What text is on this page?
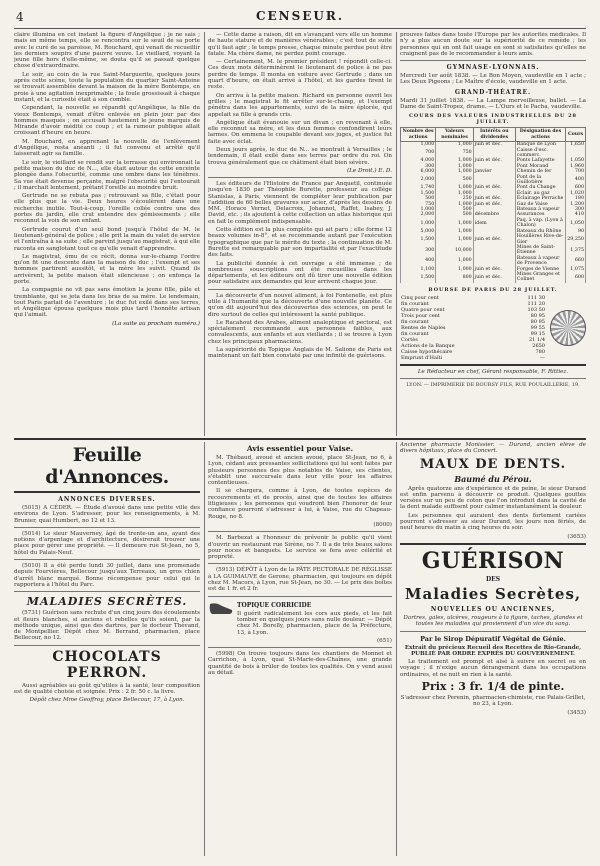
4	CENSEUR.

claire illumina en cet instant la figure d'Angélique ; je ne sais ; mais en même temps, elle se rencontra sur le seuil de sa porte avec le curé de sa paroisse, M. Rouchard, qui venait de recueillir les derniers soupirs d'une pauvre veuve. Le vieillard, voyant la jeune fille hors d'elle-même, se douta qu'il se passait quelque chose d'extraordinaire.

Le soir, au coin de la rue Saint-Marguerite, quelques jours après cette scène, toute la population du quartier Saint-Antoine se trouvait assemblée devant la maison de la mère Bontemps, en proie à une agitation inexprimable ; la foule grossissait à chaque instant, et la curiosité était à son comble.

Cependant, la nouvelle se répandit qu'Angélique, la fille du vieux Bontemps, venait d'être enlevée en plein jour par des hommes masqués ; on accusait hautement le jeune marquis de Mirande d'avoir médité ce coup ; et la rumeur publique allait croissant d'heure en heure.

M. Rouchard, en apprenant la nouvelle de l'enlèvement d'Angélique, resta anéanti ; il fut convenu et arrêté qu'il laisserait agir sa famille.

Le soir, le vieillard se rendit sur la terrasse qui environnait la petite maison du duc de N..., elle était autour de cette enceinte plongée dans l'obscurité, comme une ombre dans les ténèbres. Sa vue était devenue perçante, malgré l'obscurité qui l'entourait ; il marchait lentement, prêtant l'oreille au moindre bruit.

Gertrude ne se rebuta pas ; retrouvant sa fille, c'était pour elle plus que la vie. Deux heures s'écoulèrent dans une recherche inutile. Tout-à-coup, l'oreille collée contre une des portes du jardin, elle crut entendre des gémissements ; elle reconnut la voix de son enfant.

Gertrude courut d'un seul bond jusqu'à l'hôtel de M. le lieutenant-général de police ; elle prit la main du valet de service et l'entraîna à sa suite ; elle parvint jusqu'au magistrat, à qui elle raconta en sanglotant tout ce qu'elle venait d'apprendre.

Le magistrat, ému de ce récit, donna sur-le-champ l'ordre qu'on fit une descente dans la maison du duc ; l'exempt et ses hommes partirent aussitôt, et la mère les suivit. Quand ils arrivèrent, la petite maison était silencieuse ; on enfonça la porte.

La compagnie ne vit pas sans émotion la jeune fille, pâle et tremblante, qui se jeta dans les bras de sa mère. Le lendemain, tout Paris parlait de l'aventure ; le duc fut exilé dans ses terres, et Angélique épousa quelques mois plus tard l'honnête artisan qui l'aimait.

(La suite au prochain numéro.)

— Cette dame a raison, dit en s'avançant vers elle un homme de haute stature et de manières vénérables ; c'est tout de suite qu'il faut agir ; le temps presse, chaque minute perdue peut être fatale. Ma chère dame, ne perdez point courage.

— Certainement, M. le premier président ! répondit celle-ci. Ces deux mots déterminèrent le lieutenant de police à ne pas perdre de temps. Il monta en voiture avec Gertrude ; dans un quart d'heure, on était arrivé à l'hôtel, et les gardes firent le reste.

On arriva à la petite maison. Richard en personne ouvrit les grilles ; le magistrat le fit arrêter sur-le-champ, et l'exempt pénétra dans les appartements, suivi de la mère éplorée, qui appelait sa fille à grands cris.

Angélique était évanouie sur un divan ; en revenant à elle, elle reconnut sa mère, et les deux femmes confondirent leurs larmes. On emmena le coupable devant ses juges, et justice fut faite avec éclat.

Deux jours après, le duc de N... se montrait à Versailles ; le lendemain, il était exilé dans ses terres par ordre du roi. On trouva généralement que ce châtiment était bien sévère.

(Le Droit.) E. D.

Les éditeurs de l'Histoire de France par Anquetil, continuée jusqu'en 1830 par Théophile Burette, professeur au collège Stanislas, à Paris, viennent de compléter leur publication par l'addition de 60 belles gravures sur acier, d'après les dessins de MM. Horace Vernet, Delacroix, Johannot, Raffet, Isabey, J. David, etc. ; ils ajoutent à cette collection un atlas historique qui en fait le complément indispensable.

Cette édition est la plus complète qui ait paru ; elle forme 12 beaux volumes in-8°, et se recommande autant par l'exécution typographique que par le mérite du texte ; la continuation de M. Burette est remarquable par son impartialité et par l'exactitude des faits.

La publicité donnée à cet ouvrage a été immense ; de nombreuses souscriptions ont été recueillies dans les départements, et les éditeurs ont dû tirer une nouvelle édition pour satisfaire aux demandes qui leur arrivent chaque jour.

La découverte d'un nouvel aliment, à foi Fontenelle, est plus utile à l'humanité que la découverte d'une nouvelle planète. Ce qu'on dit aujourd'hui des découvertes des sciences, on peut le dire surtout de celles qui intéressent la santé publique.

Le Racahout des Arabes, aliment analeptique et pectoral, est spécialement recommandé aux personnes faibles, aux convalescents, aux enfants et aux vieillards ; il se trouve à Lyon chez les principaux pharmaciens.

La supériorité du Topique Anglais de M. Salione de Paris est maintenant un fait bien constaté par une infinité de guérisons.

prouves faites dans toute l'Europe par les autorités médicales. Il n'y a plus aucun doute sur la supériorité de ce remède ; les personnes qui en ont fait usage en sont si satisfaites qu'elles ne craignent pas de le recommander à leurs amis.

GYMNASE-LYONNAIS.

Mercredi 1er août 1838. — Le Bon Moyen, vaudeville en 1 acte ; Les Deux Pigeons ; Le Maître d'école, vaudeville en 1 acte.

GRAND-THÉATRE.

Mardi 31 juillet 1838. — La Lampe merveilleuse, ballet. — La Dame de Saint-Tropez, drame. — L'Ours et le Pacha, vaudeville.

COURS DES VALEURS INDUSTRIELLES DU 28 JUILLET.
Nombre des actions	Valeurs nominales	Intérêts ou dividendes	Désignation des actions	Cours
1,000	1,000	juin et déc.	Banque de Lyon	1,650
700	750		Caisse d'esc. commerc.	
4,000	1,000	juin et déc.	Ponts Lafayette	1,050
300	1,000		Pont Morand	1,960
6,000	1,000	janvier	Chemin de fer	700
2,000	500		Pont de la Guillotière	400
1,740	1,000	juin et déc.	Pont du Change	600
1,500	1,000		Éclair. au gaz	1,020
500	250	juin et déc.	Éclairage Perrache	180
750	1,000	juin et déc.	Gaz de Vaise	1,200
1,000	500		Bateaux à vapeur	300
2,000	500	décembre	Assurances	410
1,000	1,000	idem	Paq. à vap. (Lyon à Chalon)	1,050
5,000	1,000		Bateaux du Rhône	90
1,500	1,000	juin et déc.	Houillères Rive-de-Gier	29,250
300	10,000		Mines de Saint-Étienne	1,375
400	1,000		Bateaux à vapeur de Provence	660
1,100	1,000	juin et déc.	Forges de Vienne	1,075
1,500	800	juin et déc.	Mines Granges et Colinet	600
BOURSE DE PARIS DU 28 JUILLET.
Cinq pour cent	111 30
fin courant	111 20
Quatre pour cent	103 50
Trois pour cent	80 95
fin courant	80 95
Rentes de Naples	99 55
fin courant	99 15
Cortès	21 1/4
Actions de la Banque	2650
Caisse hypothécaire	780
Emprunt d'Haïti	—

Le Rédacteur en chef, Gérant responsable, F. Rittiez.

LYON. — IMPRIMERIE DE BOURSY FILS, RUE POULAILLERIE, 19.

Feuille d'Annonces.
ANNONCES DIVERSES.

(5015) A CÉDER. — Étude d'avoué dans une petite ville des environs de Lyon. S'adresser, pour les renseignements, à M. Brunier, quai Humbert, no 12 et 13.

(5014) Le sieur Mauverney, âgé de trente-un ans, ayant des notions d'arpentage et d'architecture, désirerait trouver une place pour gérer une propriété. — Il demeure rue St-Jean, no 5, hôtel du Palais-Neuf.

(5010) Il a été perdu lundi 30 juillet, dans une promenade depuis Fourvières, Bellecour jusqu'aux Terreaux, un gros chien d'arrêt blanc marqué. Bonne récompense pour celui qui le rapportera à l'hôtel du Parc.

MALADIES SECRÈTES.

(5731) Guérison sans rechute d'un cinq jours des écoulements et fleurs blanches, si anciens et rebelles qu'ils soient, par la méthode unique, ainsi que des dartres, par le docteur Thévand, de Montpellier. Dépôt chez M. Berrand, pharmacien, place Bellecour, no 12.

CHOCOLATS PERRON.

Aussi agréables au goût qu'utiles à la santé, leur composition est de qualité choisie et soignée. Prix : 2 fr. 50 c. la livre.

Dépôt chez Mme Geoffroy, place Bellecour, 17, à Lyon.

Avis essentiel pour Vaise.

M. Thébaud, avoué et ancien avoué, place St-Jean, no 6, à Lyon, cédant aux pressantes sollicitations qui lui sont faites par plusieurs personnes des plus notables de Vaise, ses clientes, s'établit une succursale dans leur ville pour les affaires contentieuses.

Il se chargera, comme à Lyon, de toutes espèces de recouvrements et de procès, ainsi que de toutes les affaires litigieuses ; les personnes qui voudront bien l'honorer de leur confiance pourront s'adresser à lui, à Vaise, rue du Chapeau-Rouge, no 8.

(8000)

M. Barbezat a l'honneur de prévenir le public qu'il vient d'ouvrir un restaurant rue Sirène, no 7. Il a de très beaux salons pour noces et banquets. Le service se fera avec célérité et propreté.

(5913) DÉPÔT à Lyon de la PÂTE PECTORALE DE RÉGLISSE à LA GUIMAUVE de Gerone, pharmacien, qui toujours en dépôt chez M. Macors, à Lyon, rue St-Jean, no 30. — Le prix des boîtes est de 1 fr. et 2 fr.

TOPIQUE CORRICIDE

Il guérit radicalement les cors aux pieds, et les fait tomber en quelques jours sans nulle douleur. — Dépôt chez M. Borelly, pharmacien, place de la Préfecture, 13, à Lyon.

(651)

(5998) On trouve toujours dans les chantiers de Monnet et Carrichon, à Lyon, quai St-Marie-des-Chaînes, une grande quantité de bois à brûler de toutes les qualités. On y vend aussi au détail.

Ancienne pharmacie Monissier. — Durand, ancien élève de divers hôpitaux, place du Concert.

MAUX DE DENTS.
Baumé du Pérou.

Après quatorze ans d'expérience et de peine, le sieur Durand est enfin parvenu à découvrir ce produit. Quelques gouttes versées sur un peu de coton que l'on introduit dans la cavité de la dent malade suffisent pour calmer instantanément la douleur.

Les personnes qui auraient des dents fortement cariées pourront s'adresser au sieur Durand, les jours non fériés, de neuf heures du matin à cinq heures du soir.

(3653)

GUÉRISON
DES
Maladies Secrètes,
NOUVELLES OU ANCIENNES,

Dartres, gales, ulcères, rougeurs à la figure, taches, glandes et toutes les maladies qui proviennent d'un vice du sang.

Par le Sirop Dépuratif Végétal de Génie.

Extrait du précieux Recueil des Recettes de Rio-Grande, PUBLIÉ PAR ORDRE EXPRÈS DU GOUVERNEMENT.

Le traitement est prompt et aisé à suivre en secret ou en voyage ; il n'exige aucun dérangement dans les occupations ordinaires, et ne nuit en rien à la santé.

Prix : 3 fr. 1/4 de pinte.

S'adresser chez Perenin, pharmacien-chimiste, rue Palais-Grillet, no 23, à Lyon.

(3453)
